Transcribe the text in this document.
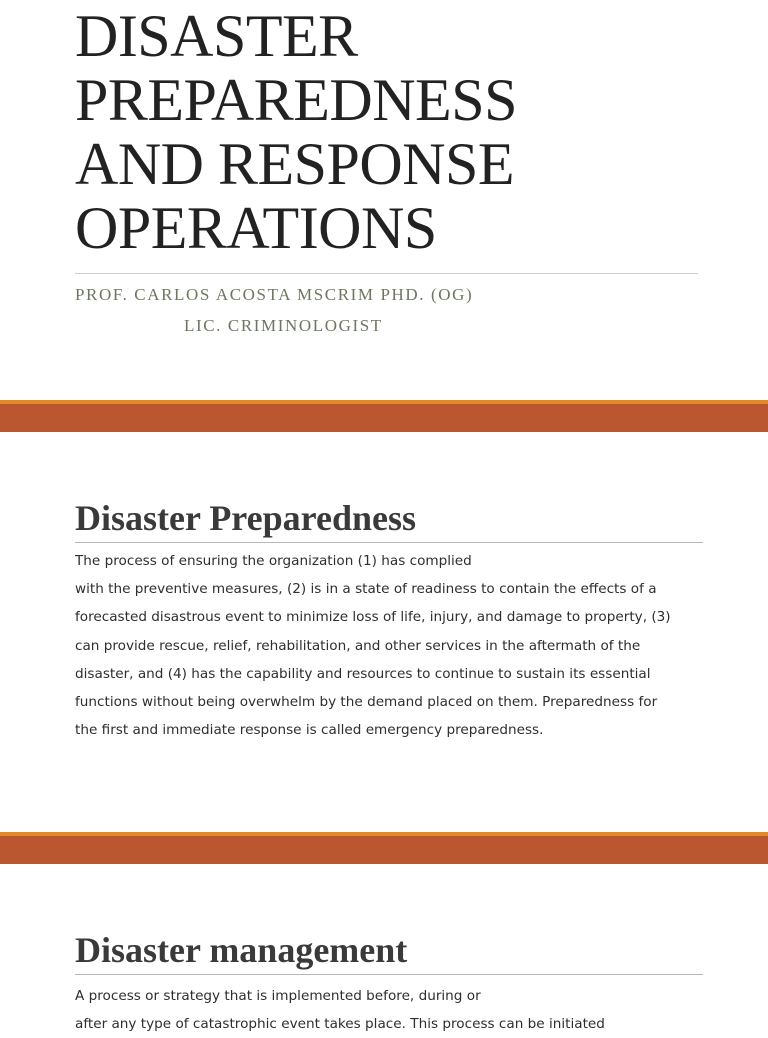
DISASTER
PREPAREDNESS
AND RESPONSE
OPERATIONS

PROF. CARLOS ACOSTA MSCRIM PHD. (OG)

LIC. CRIMINOLOGIST

Disaster Preparedness
The process of ensuring the organization (1) has complied
with the preventive measures, (2) is in a state of readiness to contain the effects of a
forecasted disastrous event to minimize loss of life, injury, and damage to property, (3)
can provide rescue, relief, rehabilitation, and other services in the aftermath of the
disaster, and (4) has the capability and resources to continue to sustain its essential
functions without being overwhelm by the demand placed on them. Preparedness for
the first and immediate response is called emergency preparedness.
Disaster management
A process or strategy that is implemented before, during or
after any type of catastrophic event takes place. This process can be initiated
